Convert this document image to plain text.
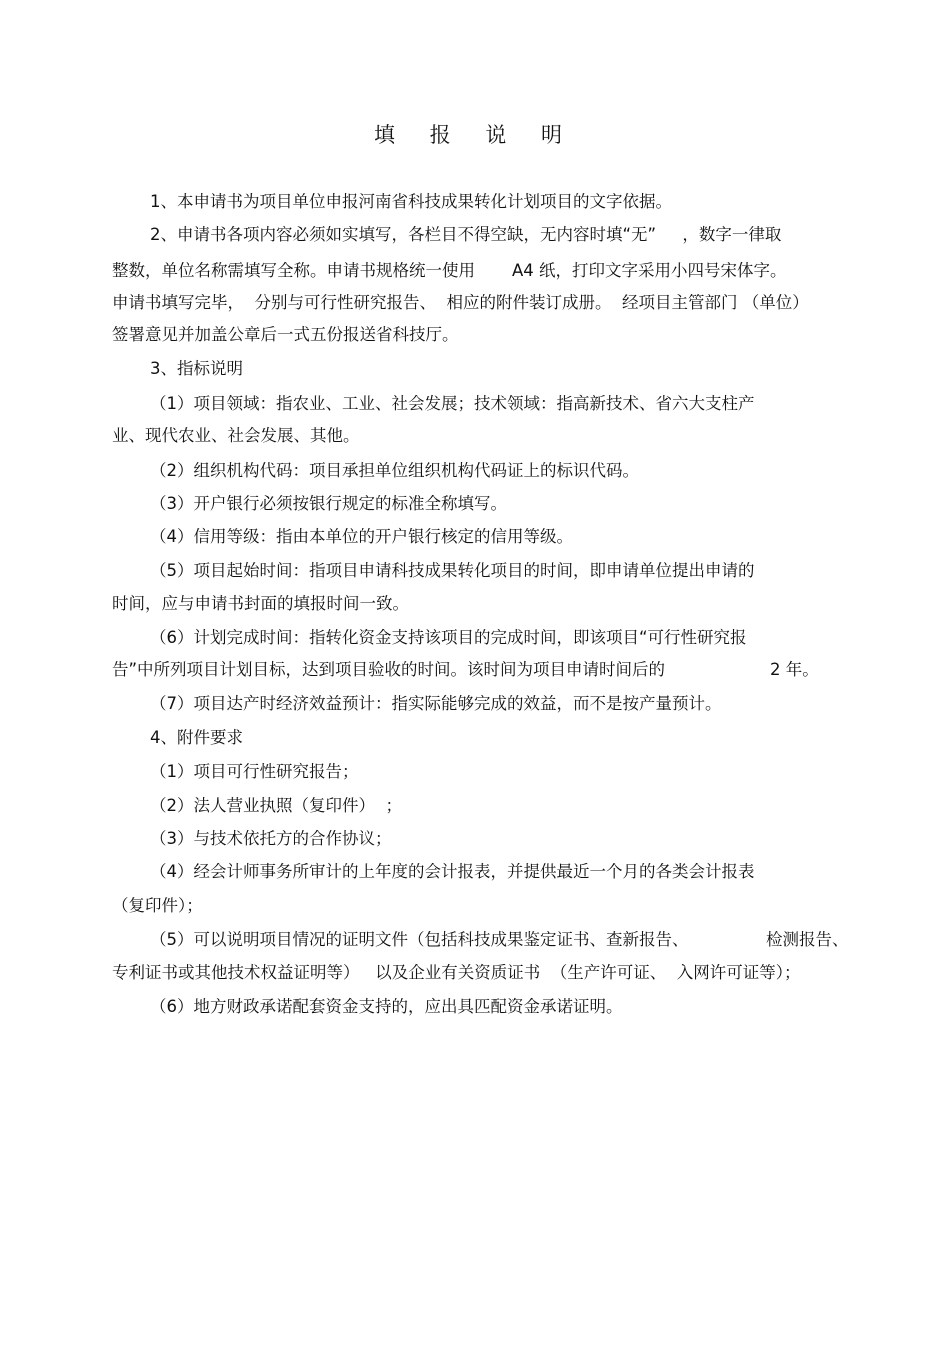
填 报 说 明
1、本申请书为项目单位申报河南省科技成果转化计划项目的文字依据。
2、申请书各项内容必须如实填写，各栏目不得空缺，无内容时填“无”     ，数字一律取
整数，单位名称需填写全称。申请书规格统一使用 A4 纸，打印文字采用小四号宋体字。
申请书填写完毕，  分别与可行性研究报告、  相应的附件装订成册。  经项目主管部门 （单位）
签署意见并加盖公章后一式五份报送省科技厅。
3、指标说明
（1）项目领域：指农业、工业、社会发展；技术领域：指高新技术、省六大支柱产
业、现代农业、社会发展、其他。
（2）组织机构代码：项目承担单位组织机构代码证上的标识代码。
（3）开户银行必须按银行规定的标准全称填写。
（4）信用等级：指由本单位的开户银行核定的信用等级。
（5）项目起始时间：指项目申请科技成果转化项目的时间，即申请单位提出申请的
时间，应与申请书封面的填报时间一致。
（6）计划完成时间：指转化资金支持该项目的完成时间，即该项目“可行性研究报
告”中所列项目计划目标，达到项目验收的时间。该时间为项目申请时间后的	2 年。
（7）项目达产时经济效益预计：指实际能够完成的效益，而不是按产量预计。
4、附件要求
（1）项目可行性研究报告；
（2）法人营业执照（复印件）  ；
（3）与技术依托方的合作协议；
（4）经会计师事务所审计的上年度的会计报表，并提供最近一个月的各类会计报表
（复印件）；
（5）可以说明项目情况的证明文件（包括科技成果鉴定证书、查新报告、	检测报告、
专利证书或其他技术权益证明等）   以及企业有关资质证书  （生产许可证、  入网许可证等）；
（6）地方财政承诺配套资金支持的，应出具匹配资金承诺证明。
